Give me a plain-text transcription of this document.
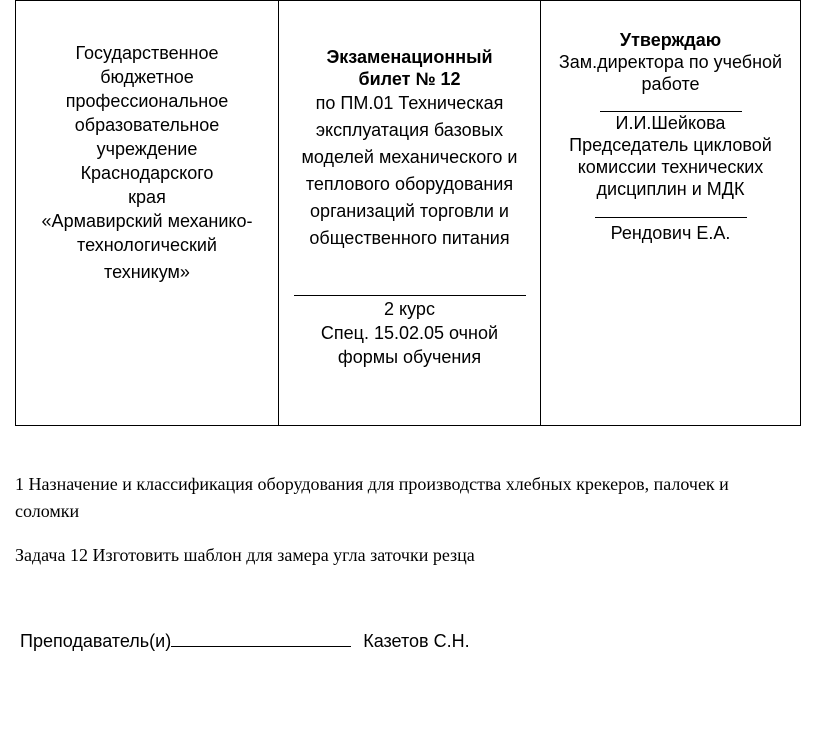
Государственное
бюджетное
профессиональное
образовательное
учреждение
Краснодарского
края
«Армавирский механико-
технологический
техникум»
Экзаменационный
билет № 12
по ПМ.01 Техническая
эксплуатация базовых
моделей механического и
теплового оборудования
организаций торговли и
общественного питания
2 курс
Спец. 15.02.05 очной
формы обучения
Утверждаю
Зам.директора по учебной
работе
И.И.Шейкова
Председатель цикловой
комиссии технических
дисциплин и МДК
Рендович Е.А.
1 Назначение и классификация оборудования для производства хлебных крекеров, палочек и соломки
Задача 12 Изготовить шаблон для замера угла заточки резца
Преподаватель(и)	Казетов С.Н.
